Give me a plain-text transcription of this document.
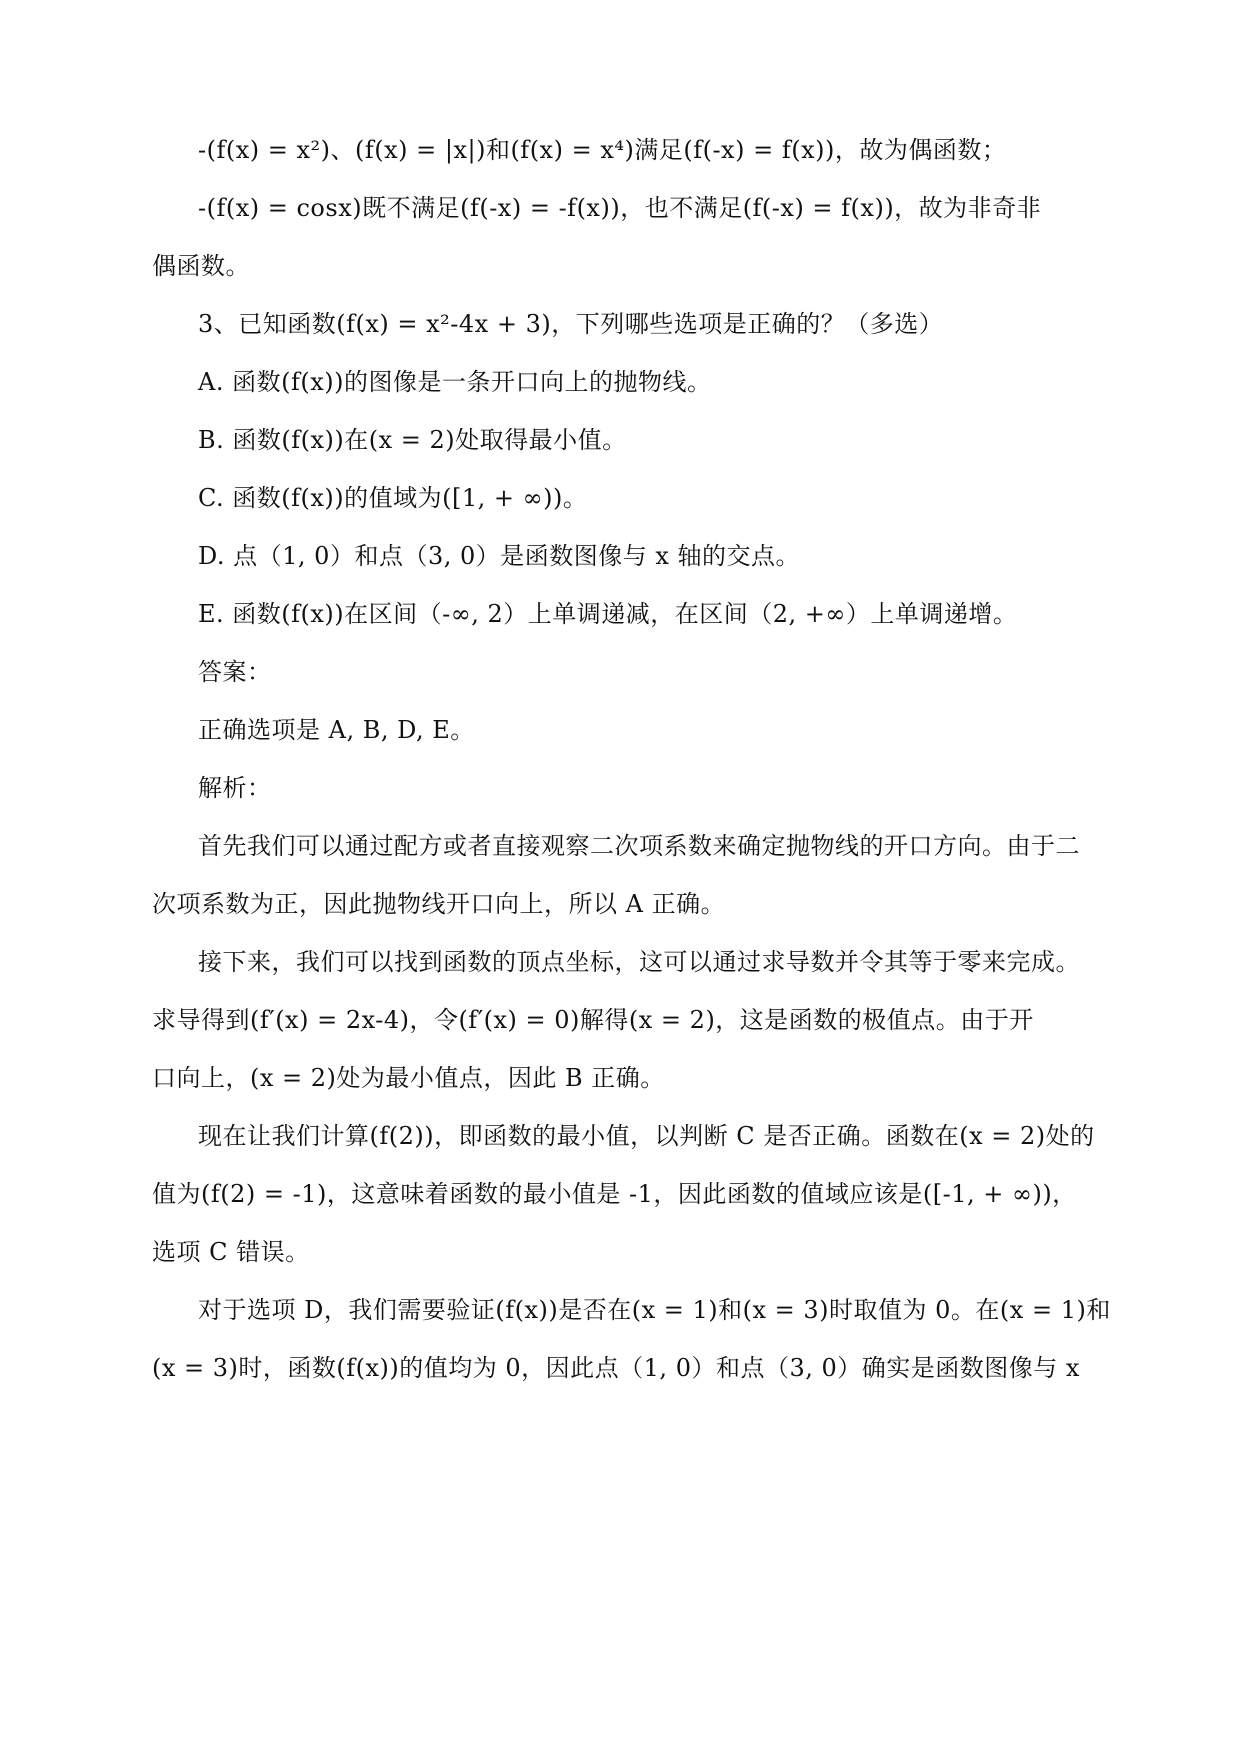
-(f(x) = x²)、(f(x) = |x|)和(f(x) = x⁴)满足(f(-x) = f(x))，故为偶函数；
-(f(x) = cosx)既不满足(f(-x) = -f(x))，也不满足(f(-x) = f(x))，故为非奇非
偶函数。
3、已知函数(f(x) = x²-4x + 3)，下列哪些选项是正确的？（多选）
A. 函数(f(x))的图像是一条开口向上的抛物线。
B. 函数(f(x))在(x = 2)处取得最小值。
C. 函数(f(x))的值域为([1, + ∞))。
D. 点（1, 0）和点（3, 0）是函数图像与 x 轴的交点。
E. 函数(f(x))在区间（-∞, 2）上单调递减，在区间（2, +∞）上单调递增。
答案：
正确选项是 A, B, D, E。
解析：
首先我们可以通过配方或者直接观察二次项系数来确定抛物线的开口方向。由于二
次项系数为正，因此抛物线开口向上，所以 A 正确。
接下来，我们可以找到函数的顶点坐标，这可以通过求导数并令其等于零来完成。
求导得到(f′(x) = 2x-4)，令(f′(x) = 0)解得(x = 2)，这是函数的极值点。由于开
口向上，(x = 2)处为最小值点，因此 B 正确。
现在让我们计算(f(2))，即函数的最小值，以判断 C 是否正确。函数在(x = 2)处的
值为(f(2) = -1)，这意味着函数的最小值是 -1，因此函数的值域应该是([-1, + ∞))，
选项 C 错误。
对于选项 D，我们需要验证(f(x))是否在(x = 1)和(x = 3)时取值为 0。在(x = 1)和
(x = 3)时，函数(f(x))的值均为 0，因此点（1, 0）和点（3, 0）确实是函数图像与 x
